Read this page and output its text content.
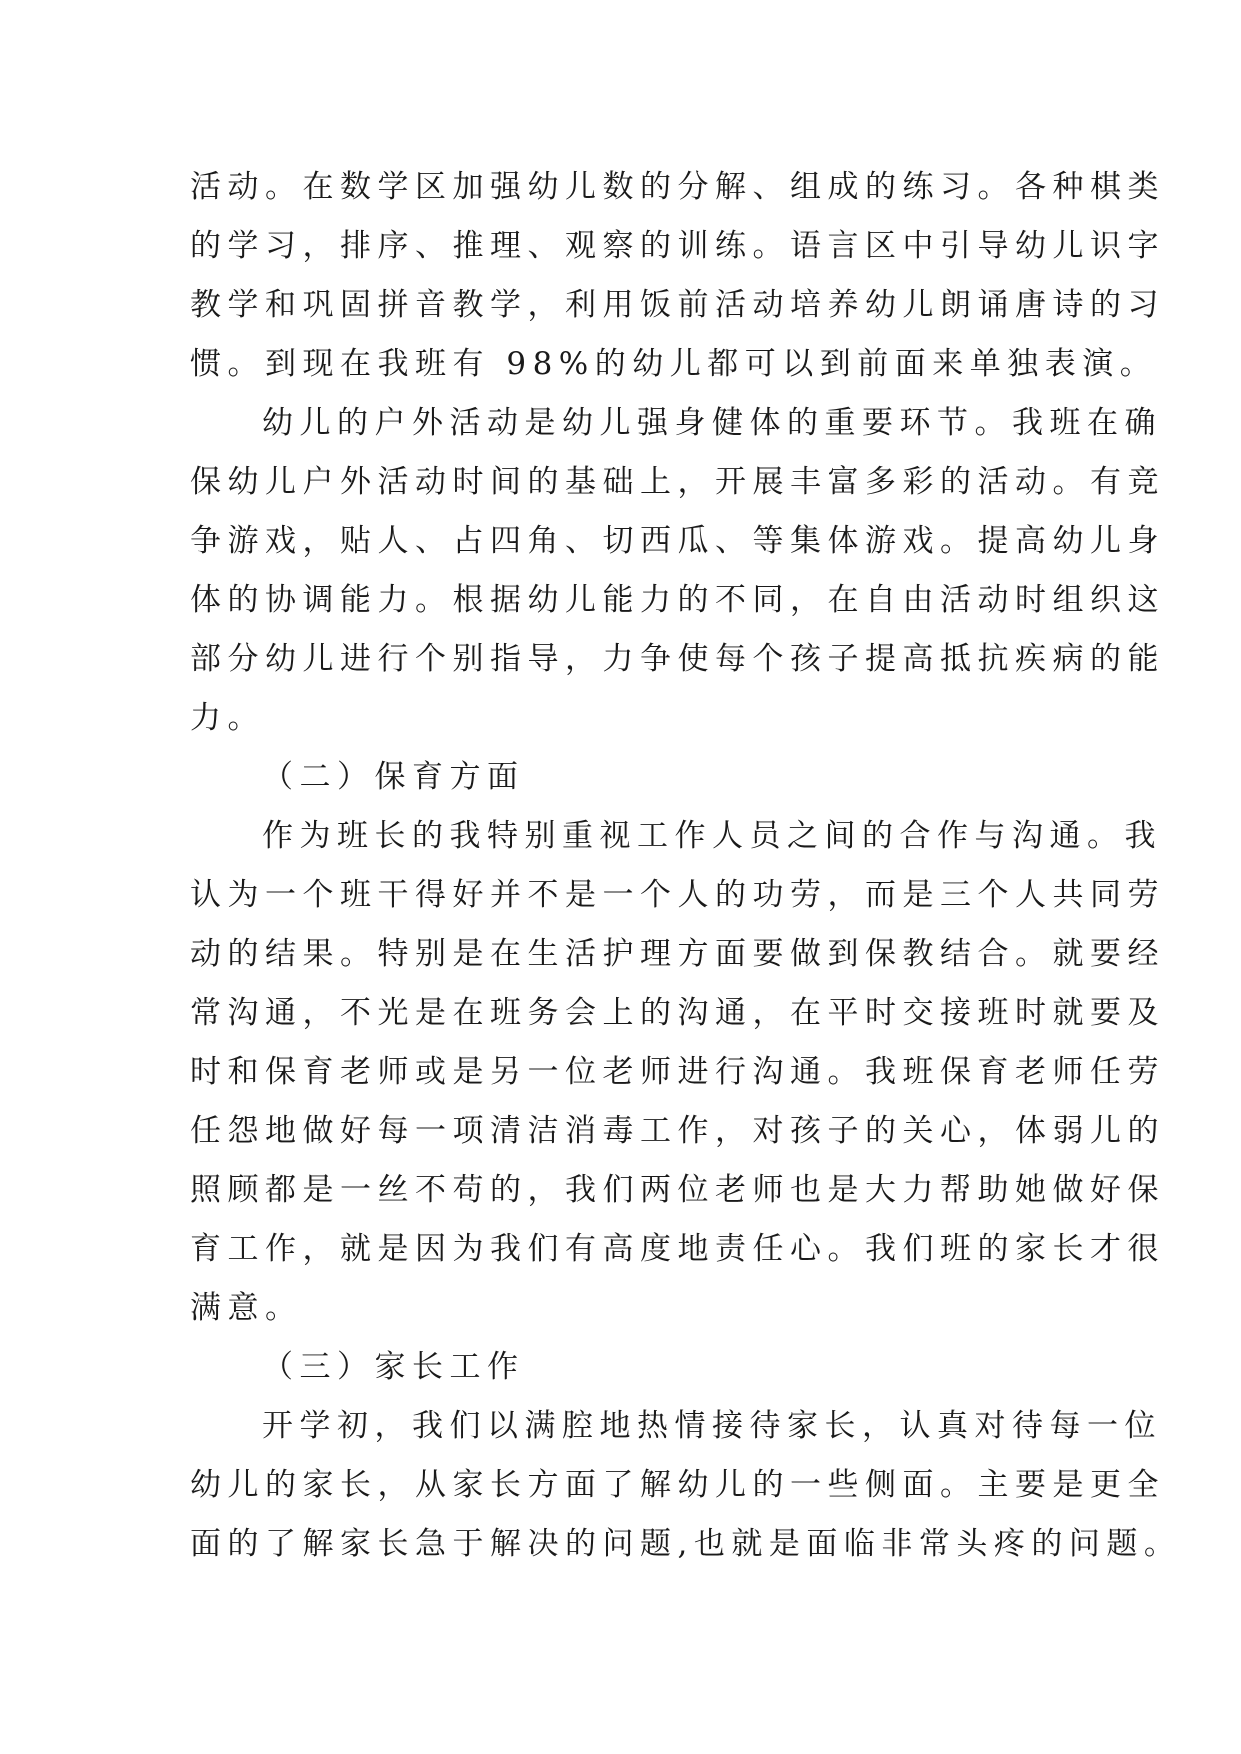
活动。在数学区加强幼儿数的分解、组成的练习。各种棋类
的学习，排序、推理、观察的训练。语言区中引导幼儿识字
教学和巩固拼音教学，利用饭前活动培养幼儿朗诵唐诗的习
惯。到现在我班有 98%的幼儿都可以到前面来单独表演。
幼儿的户外活动是幼儿强身健体的重要环节。我班在确
保幼儿户外活动时间的基础上，开展丰富多彩的活动。有竞
争游戏，贴人、占四角、切西瓜、等集体游戏。提高幼儿身
体的协调能力。根据幼儿能力的不同，在自由活动时组织这
部分幼儿进行个别指导，力争使每个孩子提高抵抗疾病的能
力。
（二）保育方面
作为班长的我特别重视工作人员之间的合作与沟通。我
认为一个班干得好并不是一个人的功劳，而是三个人共同劳
动的结果。特别是在生活护理方面要做到保教结合。就要经
常沟通，不光是在班务会上的沟通，在平时交接班时就要及
时和保育老师或是另一位老师进行沟通。我班保育老师任劳
任怨地做好每一项清洁消毒工作，对孩子的关心，体弱儿的
照顾都是一丝不苟的，我们两位老师也是大力帮助她做好保
育工作，就是因为我们有高度地责任心。我们班的家长才很
满意。
（三）家长工作
开学初，我们以满腔地热情接待家长，认真对待每一位
幼儿的家长，从家长方面了解幼儿的一些侧面。主要是更全
面的了解家长急于解决的问题,也就是面临非常头疼的问题。
